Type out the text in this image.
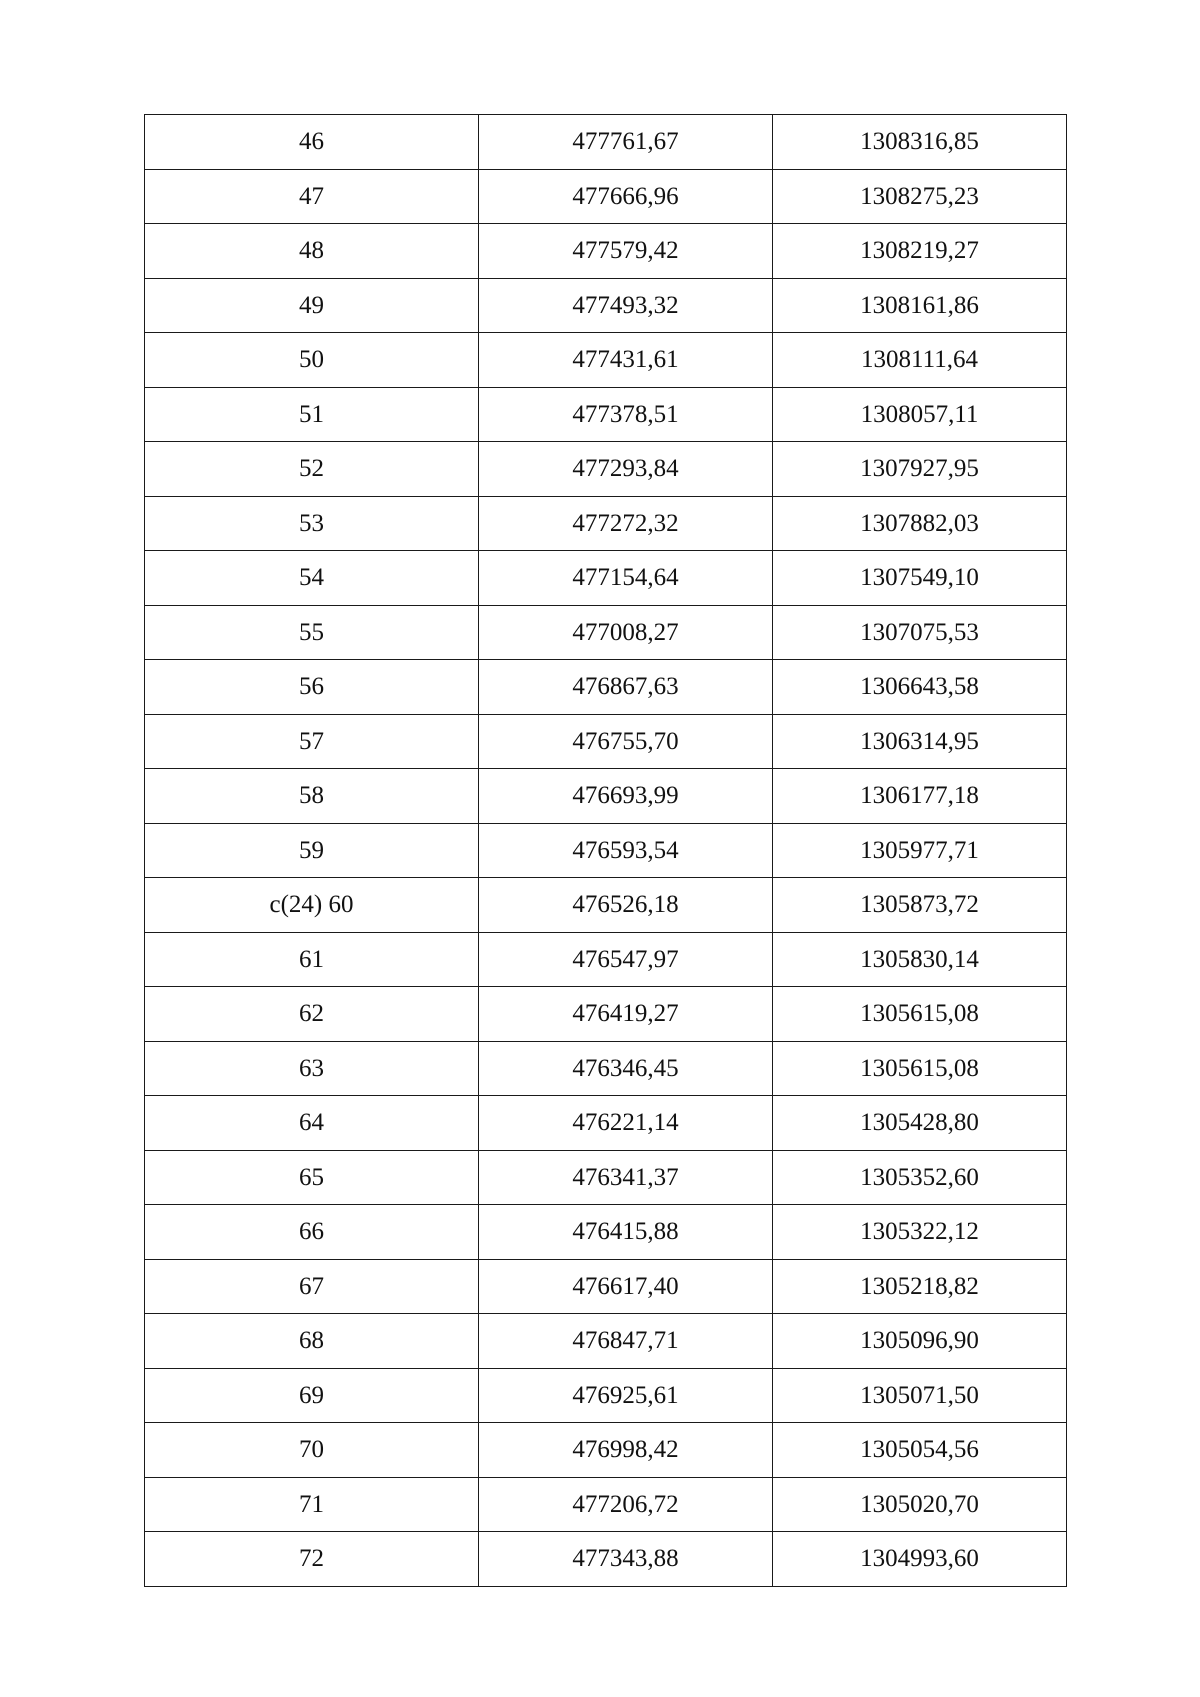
46	477761,67	1308316,85
47	477666,96	1308275,23
48	477579,42	1308219,27
49	477493,32	1308161,86
50	477431,61	1308111,64
51	477378,51	1308057,11
52	477293,84	1307927,95
53	477272,32	1307882,03
54	477154,64	1307549,10
55	477008,27	1307075,53
56	476867,63	1306643,58
57	476755,70	1306314,95
58	476693,99	1306177,18
59	476593,54	1305977,71
c(24) 60	476526,18	1305873,72
61	476547,97	1305830,14
62	476419,27	1305615,08
63	476346,45	1305615,08
64	476221,14	1305428,80
65	476341,37	1305352,60
66	476415,88	1305322,12
67	476617,40	1305218,82
68	476847,71	1305096,90
69	476925,61	1305071,50
70	476998,42	1305054,56
71	477206,72	1305020,70
72	477343,88	1304993,60
